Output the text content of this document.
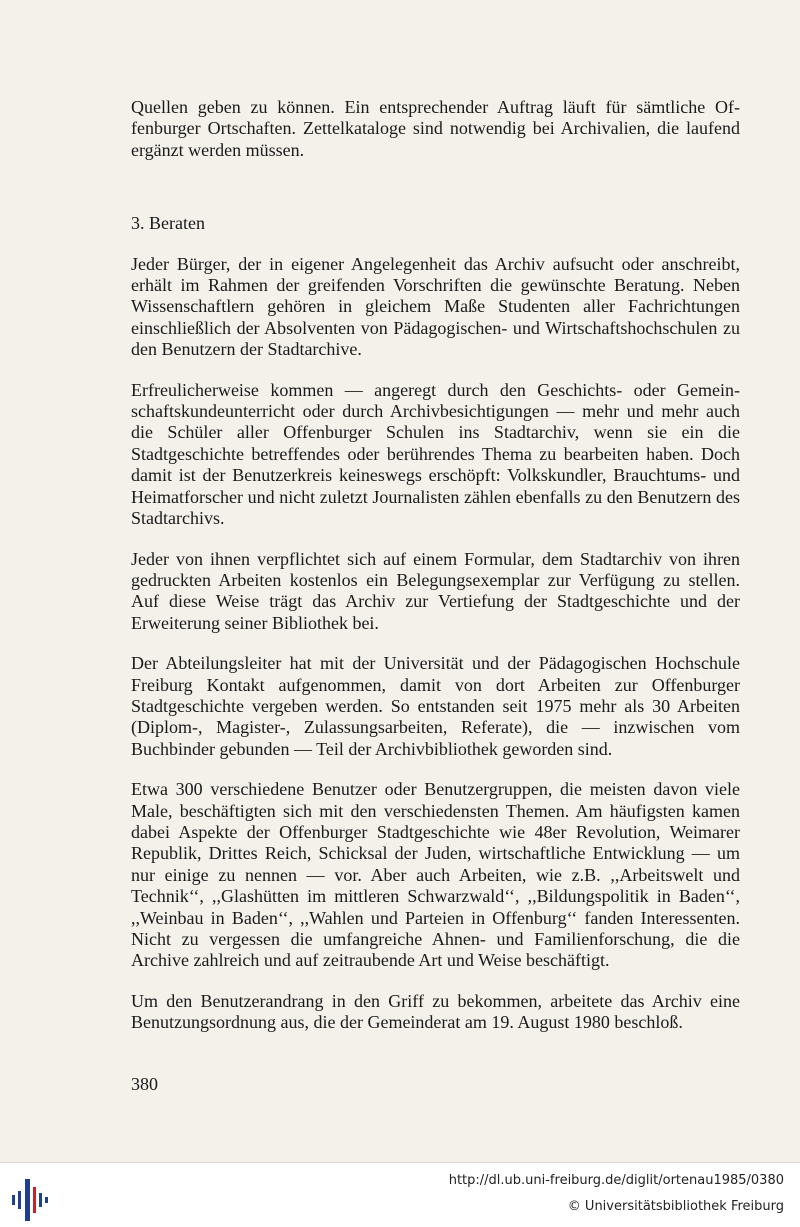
Quellen geben zu können. Ein entsprechender Auftrag läuft für sämtliche Offenburger Ortschaften. Zettelkataloge sind notwendig bei Archivalien, die laufend ergänzt werden müssen.

3. Beraten

Jeder Bürger, der in eigener Angelegenheit das Archiv aufsucht oder anschreibt, erhält im Rahmen der greifenden Vorschriften die gewünschte Beratung. Neben Wissenschaftlern gehören in gleichem Maße Studenten aller Fachrichtungen einschließlich der Absolventen von Pädagogischen- und Wirtschaftshochschulen zu den Benutzern der Stadtarchive.

Erfreulicherweise kommen — angeregt durch den Geschichts- oder Gemeinschaftskundeunterricht oder durch Archivbesichtigungen — mehr und mehr auch die Schüler aller Offenburger Schulen ins Stadtarchiv, wenn sie ein die Stadtgeschichte betreffendes oder berührendes Thema zu bearbeiten haben. Doch damit ist der Benutzerkreis keineswegs erschöpft: Volkskundler, Brauchtums- und Heimatforscher und nicht zuletzt Journalisten zählen ebenfalls zu den Benutzern des Stadtarchivs.

Jeder von ihnen verpflichtet sich auf einem Formular, dem Stadtarchiv von ihren gedruckten Arbeiten kostenlos ein Belegungsexemplar zur Verfügung zu stellen. Auf diese Weise trägt das Archiv zur Vertiefung der Stadtgeschichte und der Erweiterung seiner Bibliothek bei.

Der Abteilungsleiter hat mit der Universität und der Pädagogischen Hochschule Freiburg Kontakt aufgenommen, damit von dort Arbeiten zur Offenburger Stadtgeschichte vergeben werden. So entstanden seit 1975 mehr als 30 Arbeiten (Diplom-, Magister-, Zulassungsarbeiten, Referate), die — inzwischen vom Buchbinder gebunden — Teil der Archivbibliothek geworden sind.

Etwa 300 verschiedene Benutzer oder Benutzergruppen, die meisten davon viele Male, beschäftigten sich mit den verschiedensten Themen. Am häufigsten kamen dabei Aspekte der Offenburger Stadtgeschichte wie 48er Revolution, Weimarer Republik, Drittes Reich, Schicksal der Juden, wirtschaftliche Entwicklung — um nur einige zu nennen — vor. Aber auch Arbeiten, wie z.B. ,,Arbeitswelt und Technik‘‘, ,,Glashütten im mittleren Schwarzwald‘‘, ,,Bildungspolitik in Baden‘‘, ,,Weinbau in Baden‘‘, ,,Wahlen und Parteien in Offenburg‘‘ fanden Interessenten. Nicht zu vergessen die umfangreiche Ahnen- und Familienforschung, die die Archive zahlreich und auf zeitraubende Art und Weise beschäftigt.

Um den Benutzerandrang in den Griff zu bekommen, arbeitete das Archiv eine Benutzungsordnung aus, die der Gemeinderat am 19. August 1980 beschloß.

380
http://dl.ub.uni-freiburg.de/diglit/ortenau1985/0380
© Universitätsbibliothek Freiburg
